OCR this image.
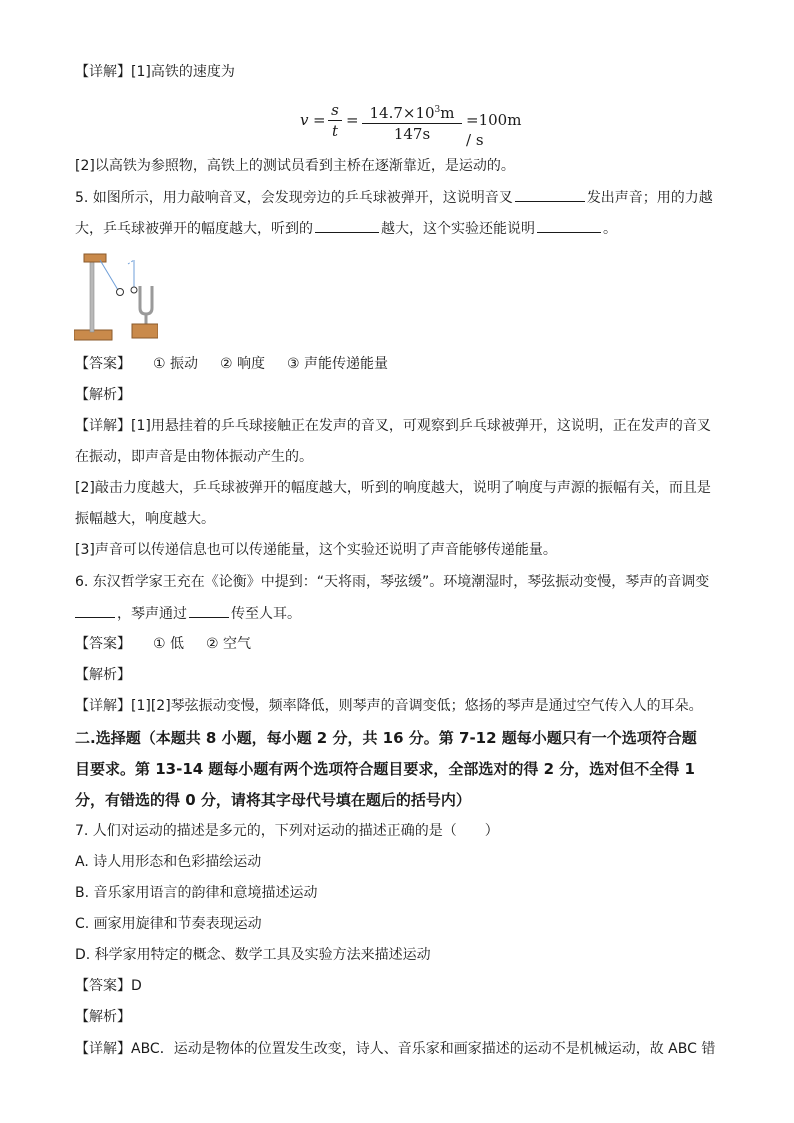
【详解】[1]高铁的速度为
$v = \frac{s}{t} = \frac{14.7\times 10^3m}{147s} =100m / s$
[2]以高铁为参照物，高铁上的测试员看到主桥在逐渐靠近，是运动的。
5. 如图所示，用力敲响音叉，会发现旁边的乒乓球被弹开，这说明音叉	发出声音；用的力越
大，乒乓球被弹开的幅度越大，听到的	越大，这个实验还能说明	。
【答案】 ① 振动 ② 响度 ③ 声能传递能量
【解析】
【详解】[1]用悬挂着的乒乓球接触正在发声的音叉，可观察到乒乓球被弹开，这说明，正在发声的音叉
在振动，即声音是由物体振动产生的。
[2]敲击力度越大，乒乓球被弹开的幅度越大，听到的响度越大，说明了响度与声源的振幅有关，而且是
振幅越大，响度越大。
[3]声音可以传递信息也可以传递能量，这个实验还说明了声音能够传递能量。
6. 东汉哲学家王充在《论衡》中提到：“天将雨，琴弦缓”。环境潮湿时，琴弦振动变慢，琴声的音调变
，琴声通过	传至人耳。
【答案】 ① 低 ② 空气
【解析】
【详解】[1][2]琴弦振动变慢，频率降低，则琴声的音调变低；悠扬的琴声是通过空气传入人的耳朵。
二.选择题（本题共 8 小题，每小题 2 分，共 16 分。第 7-12 题每小题只有一个选项符合题
目要求。第 13-14 题每小题有两个选项符合题目要求，全部选对的得 2 分，选对但不全得 1
分，有错选的得 0 分，请将其字母代号填在题后的括号内）
7. 人们对运动的描述是多元的，下列对运动的描述正确的是（　　）
A. 诗人用形态和色彩描绘运动
B. 音乐家用语言的韵律和意境描述运动
C. 画家用旋律和节奏表现运动
D. 科学家用特定的概念、数学工具及实验方法来描述运动
【答案】D
【解析】
【详解】ABC．运动是物体的位置发生改变，诗人、音乐家和画家描述的运动不是机械运动，故 ABC 错
